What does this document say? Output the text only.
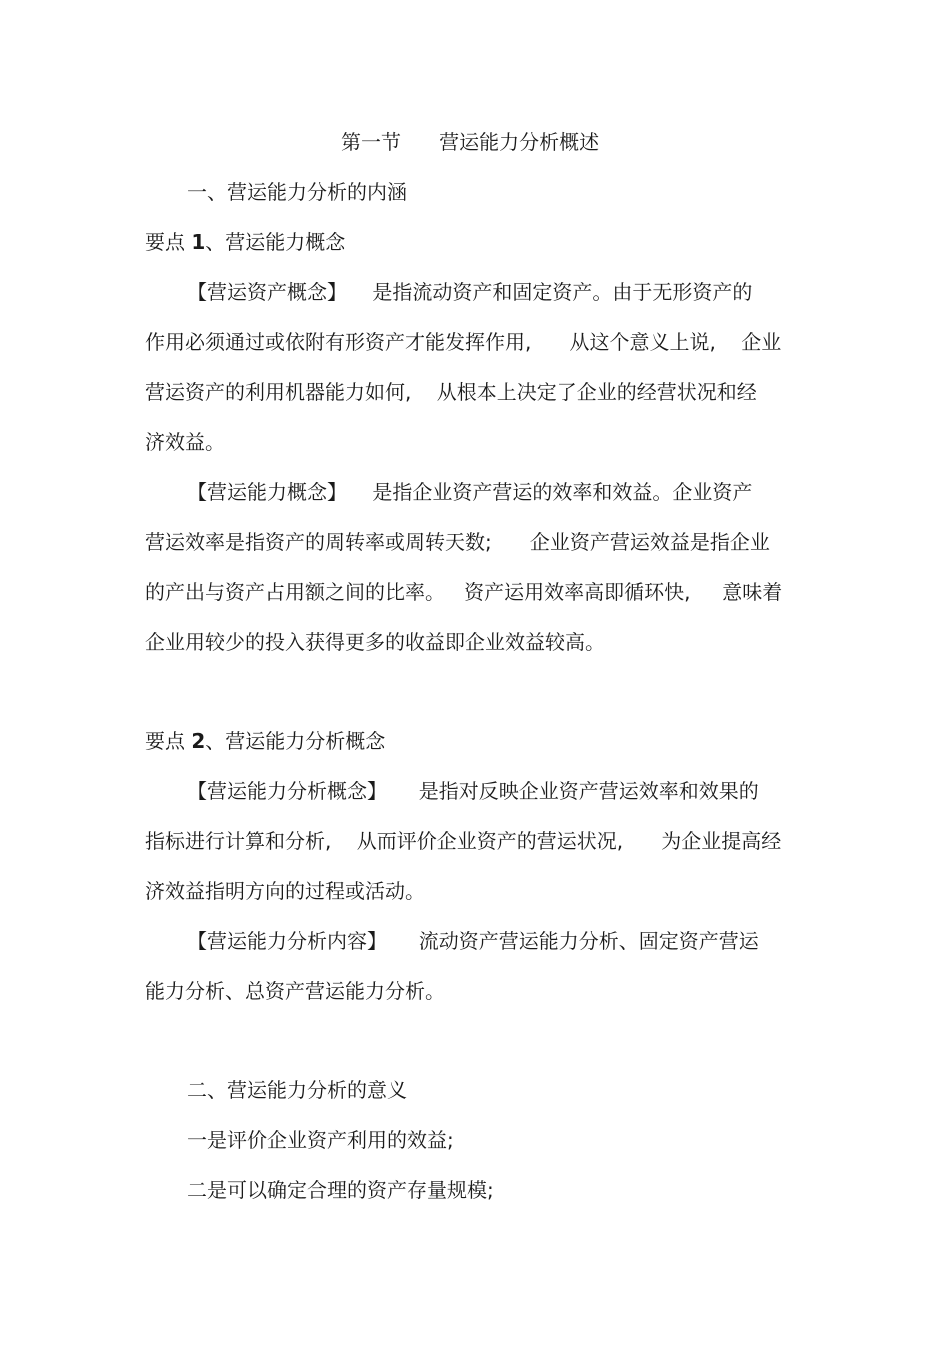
第一节      营运能力分析概述

一、营运能力分析的内涵

要点 1、营运能力概念

【营运资产概念】    是指流动资产和固定资产。由于无形资产的

作用必须通过或依附有形资产才能发挥作用,      从这个意义上说,    企业

营运资产的利用机器能力如何,    从根本上决定了企业的经营状况和经

济效益。

【营运能力概念】    是指企业资产营运的效率和效益。企业资产

营运效率是指资产的周转率或周转天数;      企业资产营运效益是指企业

的产出与资产占用额之间的比率。   资产运用效率高即循环快,     意味着

企业用较少的投入获得更多的收益即企业效益较高。

要点 2、营运能力分析概念

【营运能力分析概念】     是指对反映企业资产营运效率和效果的

指标进行计算和分析,    从而评价企业资产的营运状况,      为企业提高经

济效益指明方向的过程或活动。

【营运能力分析内容】     流动资产营运能力分析、固定资产营运

能力分析、总资产营运能力分析。

二、营运能力分析的意义

一是评价企业资产利用的效益;

二是可以确定合理的资产存量规模;
